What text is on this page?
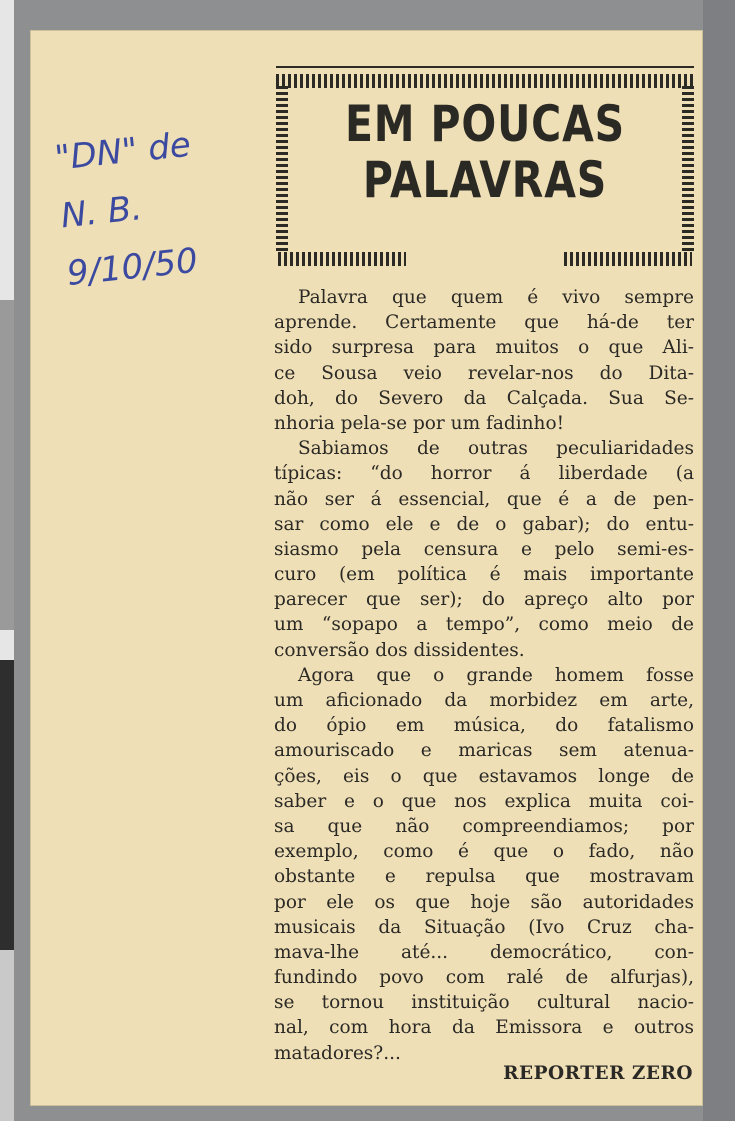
"DN" de
N. B.
9/10/50
EM POUCAS
PALAVRAS
Palavra que quem é vivo sempre
aprende. Certamente que há-de ter
sido surpresa para muitos o que Ali-
ce Sousa veio revelar-nos do Dita-
doh, do Severo da Calçada. Sua Se-
nhoria pela-se por um fadinho!
Sabiamos de outras peculiaridades
típicas: “do horror á liberdade (a
não ser á essencial, que é a de pen-
sar como ele e de o gabar); do entu-
siasmo pela censura e pelo semi-es-
curo (em política é mais importante
parecer que ser); do apreço alto por
um “sopapo a tempo”, como meio de
conversão dos dissidentes.
Agora que o grande homem fosse
um aficionado da morbidez em arte,
do ópio em música, do fatalismo
amouriscado e maricas sem atenua-
ções, eis o que estavamos longe de
saber e o que nos explica muita coi-
sa que não compreendiamos; por
exemplo, como é que o fado, não
obstante e repulsa que mostravam
por ele os que hoje são autoridades
musicais da Situação (Ivo Cruz cha-
mava-lhe até... democrático, con-
fundindo povo com ralé de alfurjas),
se tornou instituição cultural nacio-
nal, com hora da Emissora e outros
matadores?...
REPORTER ZERO
